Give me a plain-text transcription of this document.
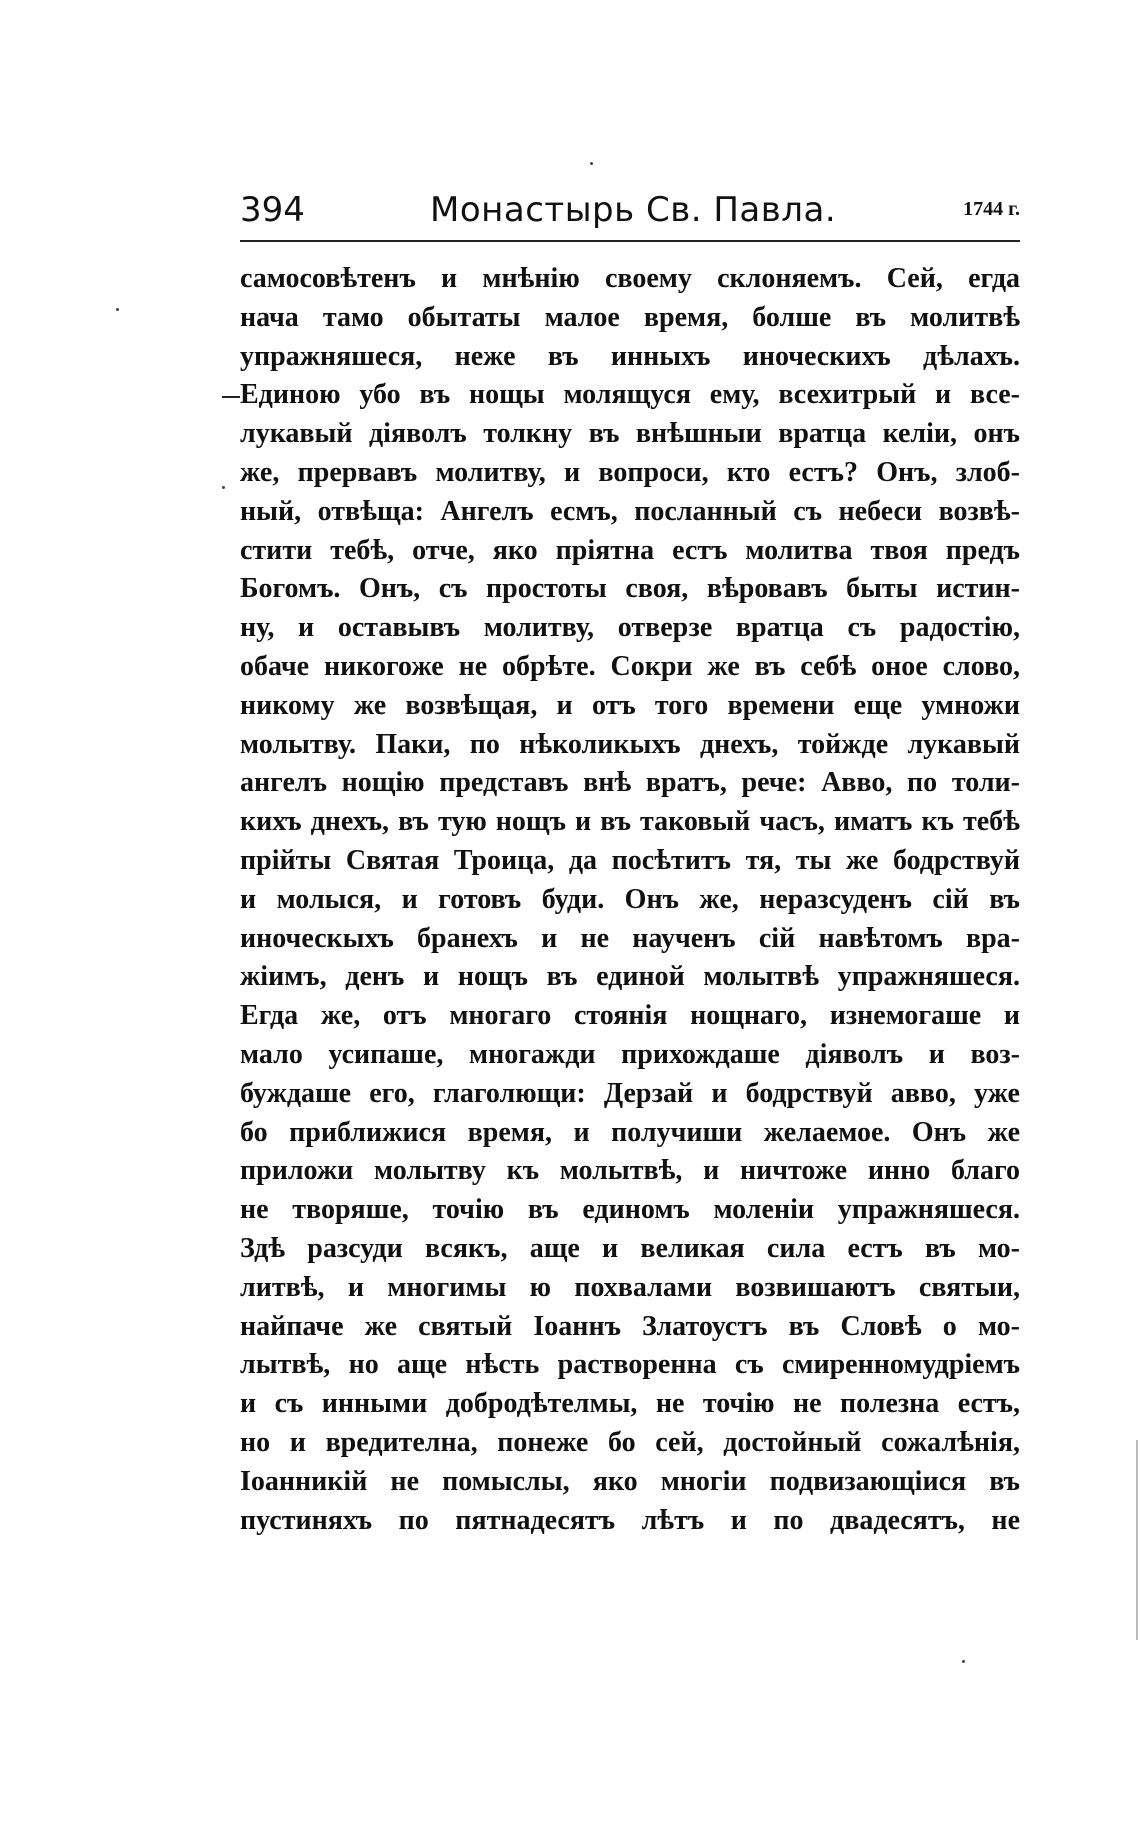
394	Монастырь Св. Павла.	1744 г.
самосовѣтенъ и мнѣнію своему склоняемъ. Сей, егда
нача тамо обытаты малое время, болше въ молитвѣ
упражняшеся, неже въ инныхъ иноческихъ дѣлахъ.
Единою убо въ нощы молящуся ему, всехитрый и все-
лукавый діяволъ толкну въ внѣшныи вратца келіи, онъ
же, прервавъ молитву, и вопроси, кто естъ? Онъ, злоб-
ный, отвѣща: Ангелъ есмъ, посланный съ небеси возвѣ-
стити тебѣ, отче, яко пріятна естъ молитва твоя предъ
Богомъ. Онъ, съ простоты своя, вѣровавъ быты истин-
ну, и оставывъ молитву, отверзе вратца съ радостію,
обаче никогоже не обрѣте. Сокри же въ себѣ оное слово,
никому же возвѣщая, и отъ того времени еще умножи
молытву. Паки, по нѣколикыхъ днехъ, тойжде лукавый
ангелъ нощію представъ внѣ вратъ, рече: Авво, по толи-
кихъ днехъ, въ тую нощъ и въ таковый часъ, иматъ къ тебѣ
прійты Святая Троица, да посѣтитъ тя, ты же бодрствуй
и молыся, и готовъ буди. Онъ же, неразсуденъ сій въ
иноческыхъ бранехъ и не наученъ сій навѣтомъ вра-
жіимъ, денъ и нощъ въ единой молытвѣ упражняшеся.
Егда же, отъ многаго стоянія нощнаго, изнемогаше и
мало усипаше, многажди прихождаше діяволъ и воз-
буждаше его, глаголющи: Дерзай и бодрствуй авво, уже
бо приближися время, и получиши желаемое. Онъ же
приложи молытву къ молытвѣ, и ничтоже инно благо
не творяше, точію въ единомъ моленіи упражняшеся.
Здѣ разсуди всякъ, аще и великая сила естъ въ мо-
литвѣ, и многимы ю похвалами возвишаютъ святыи,
найпаче же святый Іоаннъ Златоустъ въ Словѣ о мо-
лытвѣ, но аще нѣсть растворенна съ смиренномудріемъ
и съ инными добродѣтелмы, не точію не полезна естъ,
но и вредителна, понеже бо сей, достойный сожалѣнія,
Іоанникій не помыслы, яко многіи подвизающіися въ
пустиняхъ по пятнадесятъ лѣтъ и по двадесятъ, не
